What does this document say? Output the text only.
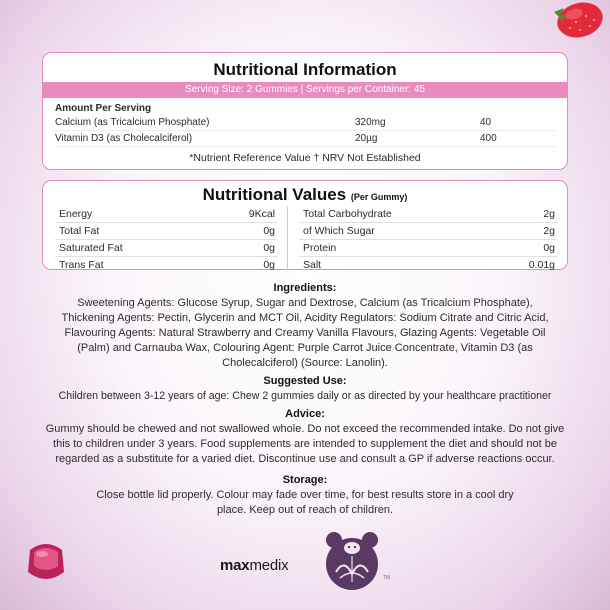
Nutritional Information
Serving Size: 2 Gummies | Servings per Container: 45
Amount Per Serving
Calcium (as Tricalcium Phosphate)	320mg	40
Vitamin D3 (as Cholecalciferol)	20µg	400
*Nutrient Reference Value † NRV Not Established
Nutritional Values (Per Gummy)
Energy	9Kcal
Total Fat	0g
Saturated Fat	0g
Trans Fat	0g
Total Carbohydrate	2g
of Which Sugar	2g
Protein	0g
Salt	0.01g
Ingredients:
Sweetening Agents: Glucose Syrup, Sugar and Dextrose, Calcium (as Tricalcium Phosphate),
Thickening Agents: Pectin, Glycerin and MCT Oil, Acidity Regulators: Sodium Citrate and Citric Acid,
Flavouring Agents: Natural Strawberry and Creamy Vanilla Flavours, Glazing Agents: Vegetable Oil
(Palm) and Carnauba Wax, Colouring Agent: Purple Carrot Juice Concentrate, Vitamin D3 (as
Cholecalciferol) (Source: Lanolin).
Suggested Use:
Children between 3-12 years of age: Chew 2 gummies daily or as directed by your healthcare practitioner
Advice:
Gummy should be chewed and not swallowed whole. Do not exceed the recommended intake. Do not give
this to children under 3 years. Food supplements are intended to supplement the diet and should not be
regarded as a substitute for a varied diet. Discontinue use and consult a GP if adverse reactions occur.
Storage:
Close bottle lid properly. Colour may fade over time, for best results store in a cool dry
place. Keep out of reach of children.
maxmedix
TM
